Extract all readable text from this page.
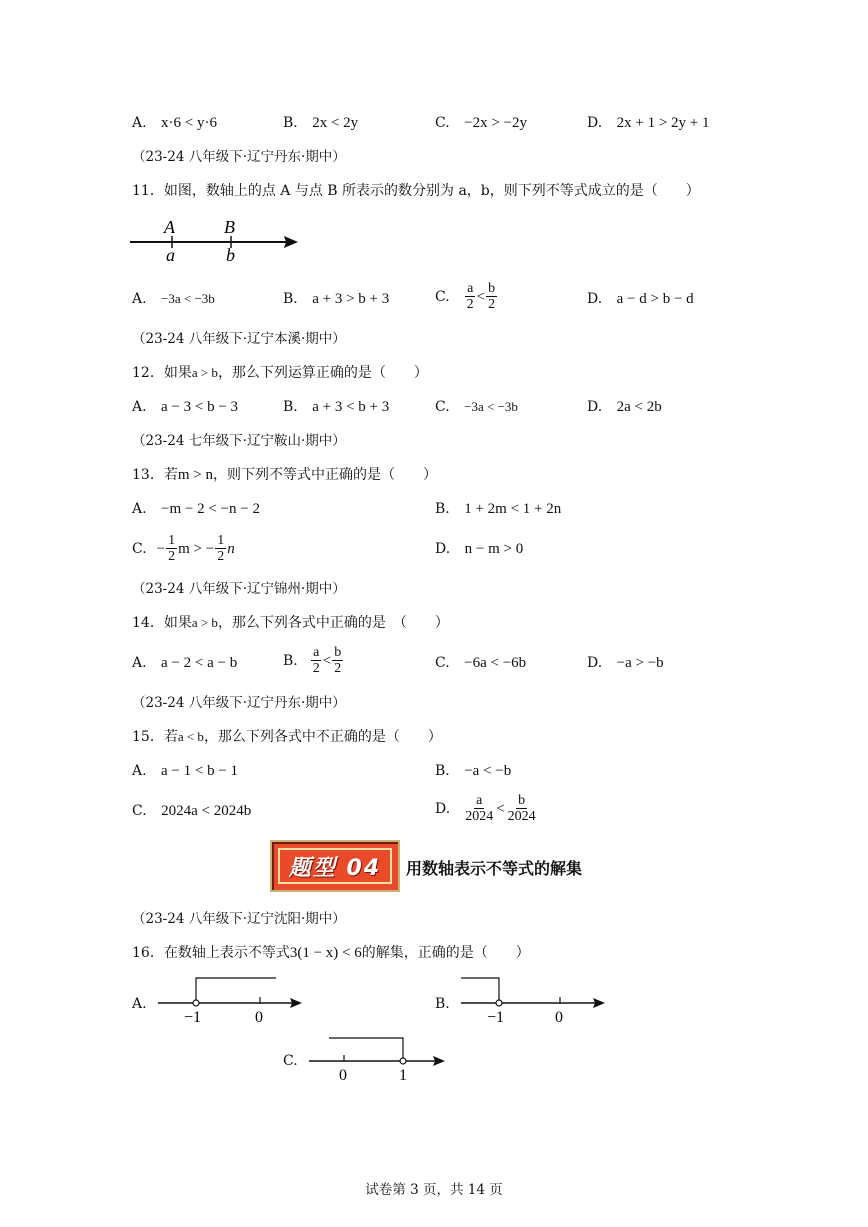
A. x·6 < y·6	B. 2x < 2y	C. −2x > −2y	D. 2x + 1 > 2y + 1
（23-24 八年级下·辽宁丹东·期中）
11．如图，数轴上的点 A 与点 B 所表示的数分别为 a，b，则下列不等式成立的是（　　）
A
a
B
b
A. −3a < −3b	B. a + 3 > b + 3	C. $\frac{a}{2} < \frac{b}{2}$	D. a − d > b − d
（23-24 八年级下·辽宁本溪·期中）
12．如果a > b，那么下列运算正确的是（　　）
A. a − 3 < b − 3	B. a + 3 < b + 3	C. −3a < −3b	D. 2a < 2b
（23-24 七年级下·辽宁鞍山·期中）
13．若m > n，则下列不等式中正确的是（　　）
A. −m − 2 < −n − 2	B. 1 + 2m < 1 + 2n
C. − $\frac{1}{2}$ m > − $\frac{1}{2}$ n	D. n − m > 0
（23-24 八年级下·辽宁锦州·期中）
14．如果a > b，那么下列各式中正确的是　（　　）
A. a − 2 < a − b	B. $\frac{a}{2} < \frac{b}{2}$	C. −6a < −6b	D. −a > −b
（23-24 八年级下·辽宁丹东·期中）
15．若a < b，那么下列各式中不正确的是（　　）
A. a − 1 < b − 1	B. −a < −b
C. 2024a < 2024b	D. $\frac{a}{2024} < \frac{b}{2024}$
题型 04 用数轴表示不等式的解集
（23-24 八年级下·辽宁沈阳·期中）
16．在数轴上表示不等式3(1 − x) < 6的解集，正确的是（　　）
A.
−1	0
B.
−1	0
C.
0	1
试卷第 3 页，共 14 页
